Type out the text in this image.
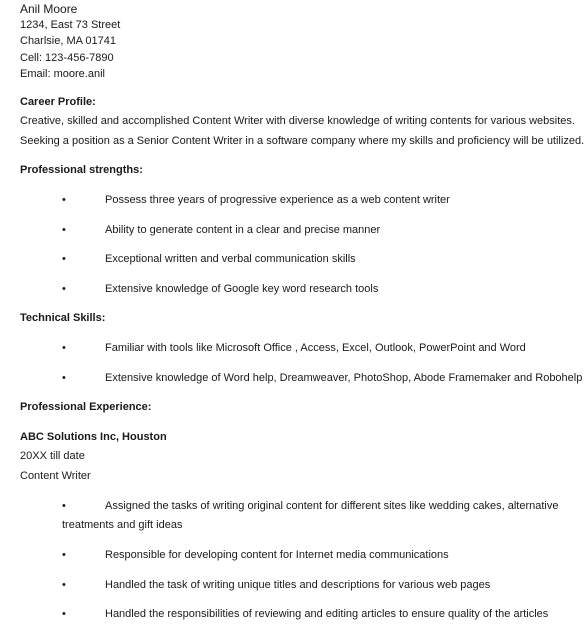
Anil Moore
1234, East 73 Street
Charlsie, MA 01741
Cell: 123-456-7890
Email: moore.anil
Career Profile:
Creative, skilled and accomplished Content Writer with diverse knowledge of writing contents for various websites.
Seeking a position as a Senior Content Writer in a software company where my skills and proficiency will be utilized.
Professional strengths:
•	Possess three years of progressive experience as a web content writer
•	Ability to generate content in a clear and precise manner
•	Exceptional written and verbal communication skills
•	Extensive knowledge of Google key word research tools
Technical Skills:
•	Familiar with tools like Microsoft Office , Access, Excel, Outlook, PowerPoint and Word
•	Extensive knowledge of Word help, Dreamweaver, PhotoShop, Abode Framemaker and Robohelp
Professional Experience:
ABC Solutions Inc, Houston
20XX till date
Content Writer
•	Assigned the tasks of writing original content for different sites like wedding cakes, alternative
treatments and gift ideas
•	Responsible for developing content for Internet media communications
•	Handled the task of writing unique titles and descriptions for various web pages
•	Handled the responsibilities of reviewing and editing articles to ensure quality of the articles
